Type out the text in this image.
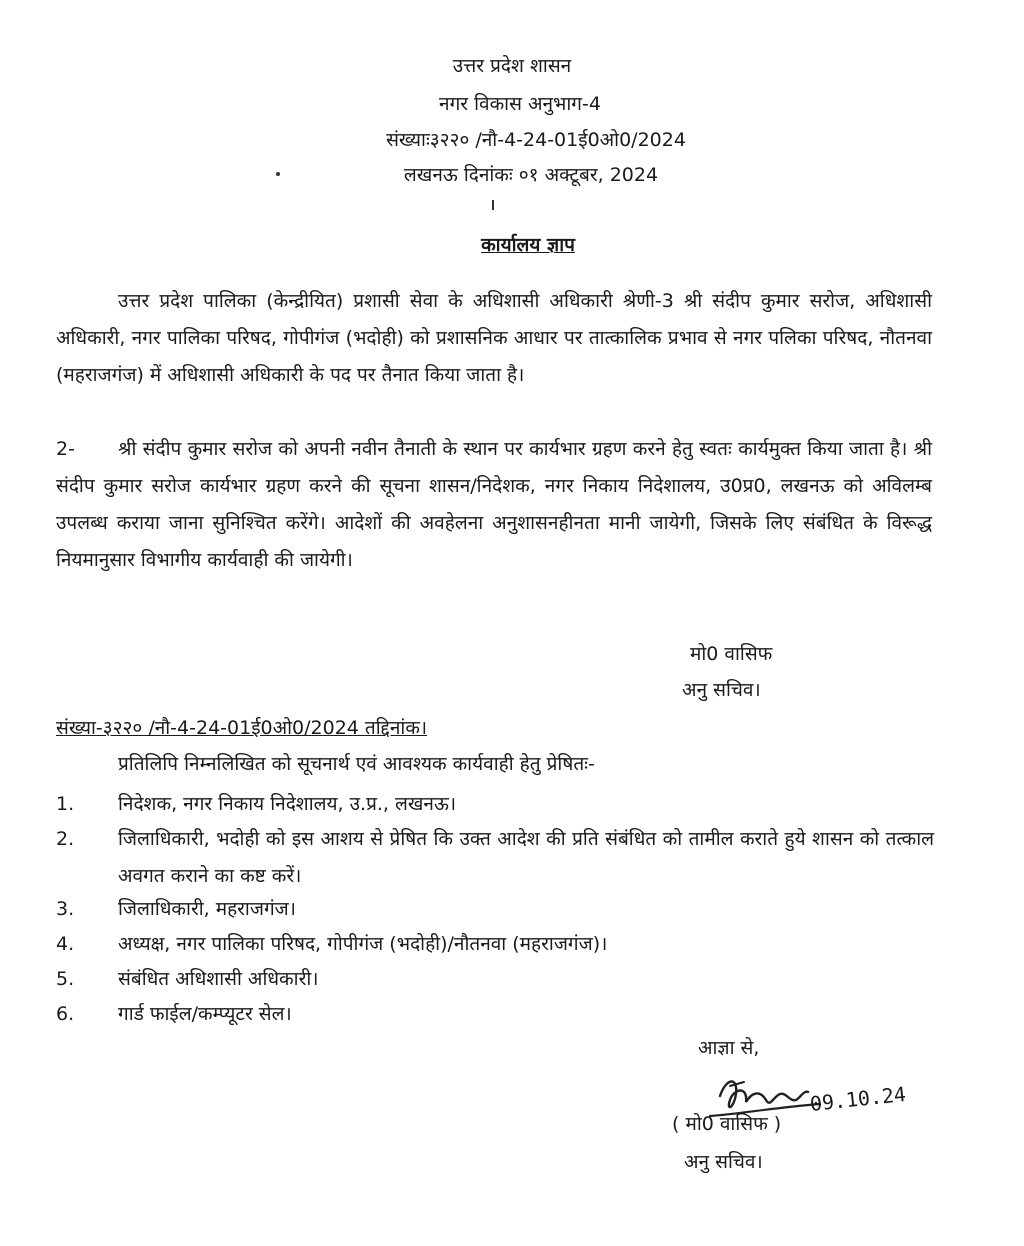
उत्तर प्रदेश शासन
नगर विकास अनुभाग-4
संख्याः३२२० /नौ-4-24-01ई0ओ0/2024
लखनऊ दिनांकः ०१ अक्टूबर, 2024
कार्यालय ज्ञाप
उत्तर प्रदेश पालिका (केन्द्रीयित) प्रशासी सेवा के अधिशासी अधिकारी श्रेणी-3 श्री संदीप कुमार सरोज, अधिशासी अधिकारी, नगर पालिका परिषद, गोपीगंज (भदोही) को प्रशासनिक आधार पर तात्कालिक प्रभाव से नगर पलिका परिषद, नौतनवा (महराजगंज) में अधिशासी अधिकारी के पद पर तैनात किया जाता है।
2- श्री संदीप कुमार सरोज को अपनी नवीन तैनाती के स्थान पर कार्यभार ग्रहण करने हेतु स्वतः कार्यमुक्त किया जाता है। श्री संदीप कुमार सरोज कार्यभार ग्रहण करने की सूचना शासन/निदेशक, नगर निकाय निदेशालय, उ0प्र0, लखनऊ को अविलम्ब उपलब्ध कराया जाना सुनिश्चित करेंगे। आदेशों की अवहेलना अनुशासनहीनता मानी जायेगी, जिसके लिए संबंधित के विरूद्ध नियमानुसार विभागीय कार्यवाही की जायेगी।
मो0 वासिफ
अनु सचिव।
संख्या-३२२० /नौ-4-24-01ई0ओ0/2024 तद्दिनांक।
प्रतिलिपि निम्नलिखित को सूचनार्थ एवं आवश्यक कार्यवाही हेतु प्रेषितः-
1. निदेशक, नगर निकाय निदेशालय, उ.प्र., लखनऊ।
2. जिलाधिकारी, भदोही को इस आशय से प्रेषित कि उक्त आदेश की प्रति संबंधित को तामील कराते हुये शासन को तत्काल अवगत कराने का कष्ट करें।
3. जिलाधिकारी, महराजगंज।
4. अध्यक्ष, नगर पालिका परिषद, गोपीगंज (भदोही)/नौतनवा (महराजगंज)।
5. संबंधित अधिशासी अधिकारी।
6. गार्ड फाईल/कम्प्यूटर सेल।
आज्ञा से,
09.10.24
( मो0 वासिफ )
अनु सचिव।
